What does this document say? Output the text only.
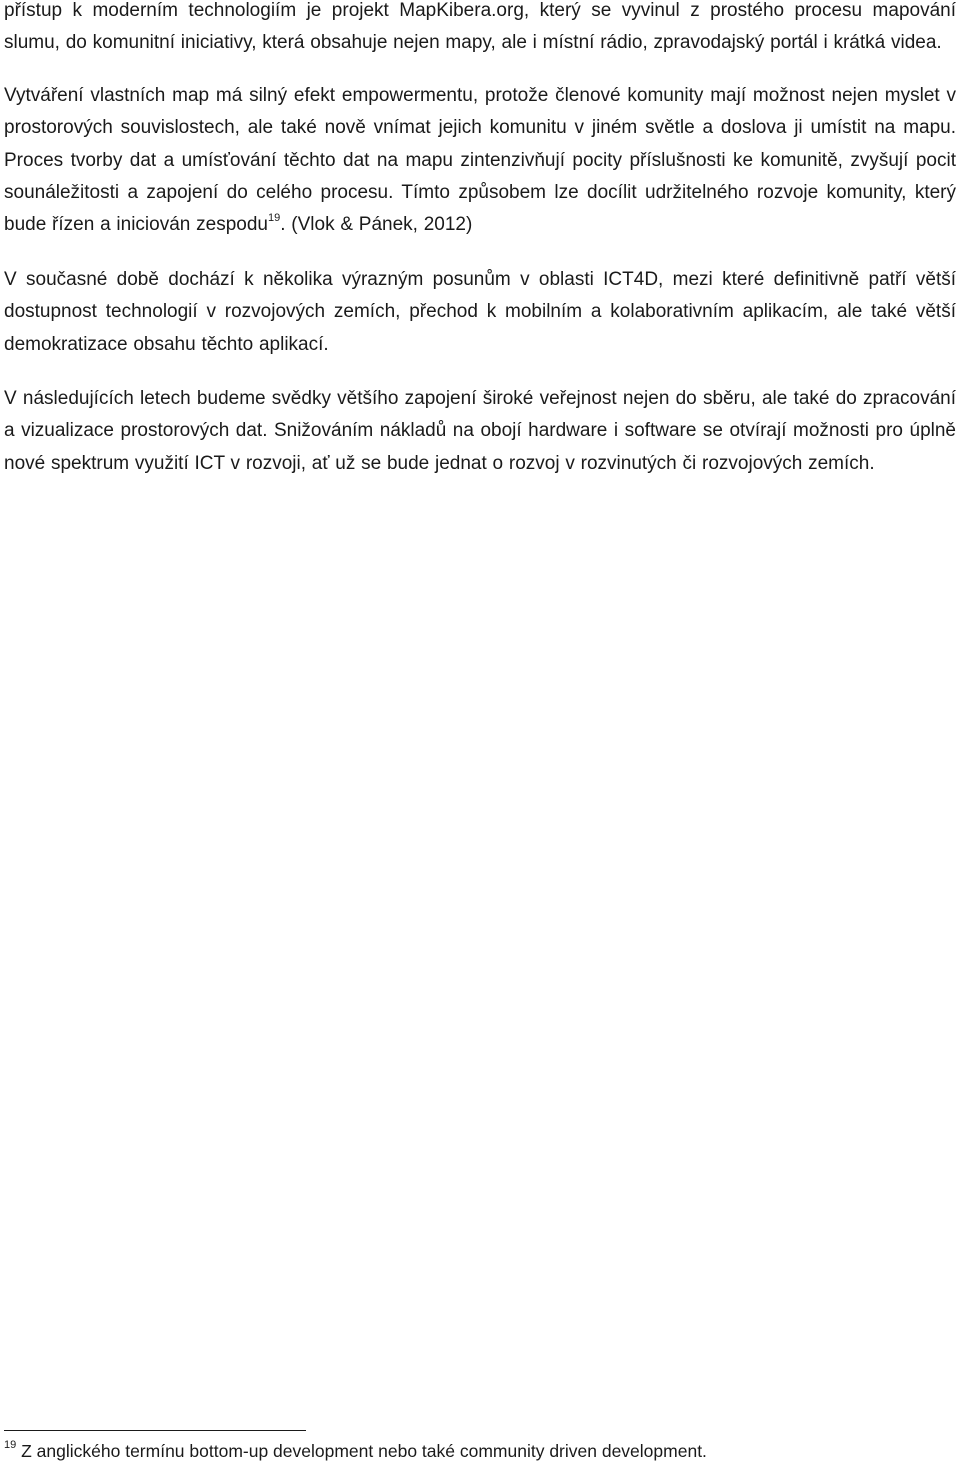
přístup k moderním technologiím je projekt MapKibera.org, který se vyvinul z prostého procesu mapování slumu, do komunitní iniciativy, která obsahuje nejen mapy, ale i místní rádio, zpravodajský portál i krátká videa.

Vytváření vlastních map má silný efekt empowermentu, protože členové komunity mají možnost nejen myslet v prostorových souvislostech, ale také nově vnímat jejich komunitu v jiném světle a doslova ji umístit na mapu. Proces tvorby dat a umísťování těchto dat na mapu zintenzivňují pocity příslušnosti ke komunitě, zvyšují pocit sounáležitosti a zapojení do celého procesu. Tímto způsobem lze docílit udržitelného rozvoje komunity, který bude řízen a iniciován zespodu$^{19}$. (Vlok & Pánek, 2012)

V současné době dochází k několika výrazným posunům v oblasti ICT4D, mezi které definitivně patří větší dostupnost technologií v rozvojových zemích, přechod k mobilním a kolaborativním aplikacím, ale také větší demokratizace obsahu těchto aplikací.

V následujících letech budeme svědky většího zapojení široké veřejnost nejen do sběru, ale také do zpracování a vizualizace prostorových dat. Snižováním nákladů na obojí hardware i software se otvírají možnosti pro úplně nové spektrum využití ICT v rozvoji, ať už se bude jednat o rozvoj v rozvinutých či rozvojových zemích.

$^{19}$ Z anglického termínu bottom-up development nebo také community driven development.
